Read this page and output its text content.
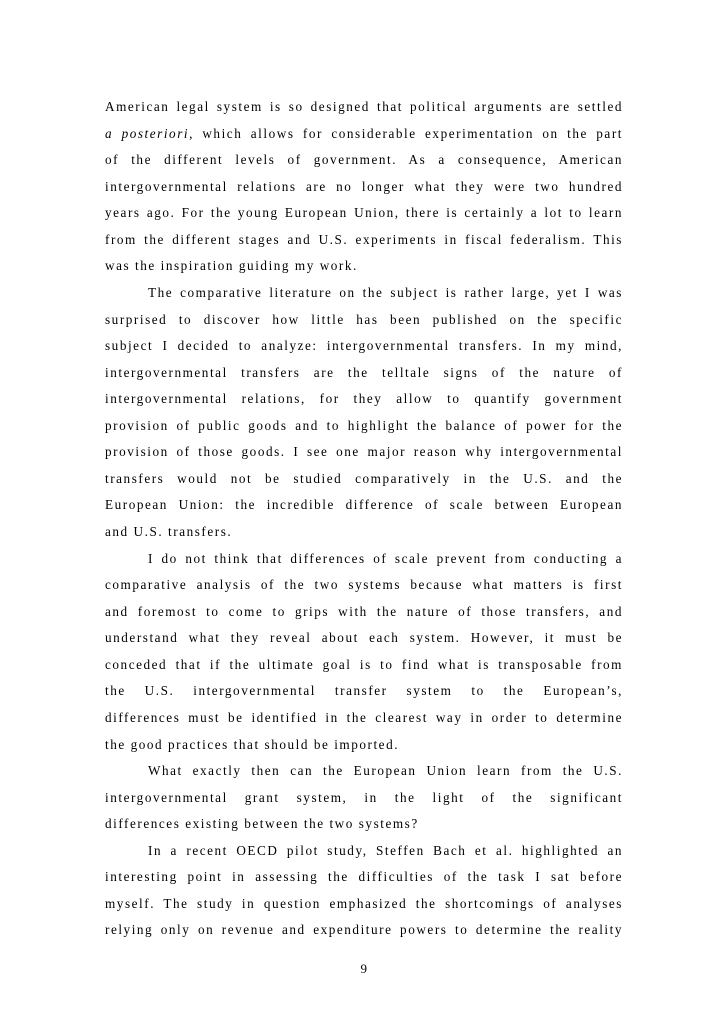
American legal system is so designed that political arguments are settled
a posteriori, which allows for considerable experimentation on the part
of the different levels of government. As a consequence, American
intergovernmental relations are no longer what they were two hundred
years ago. For the young European Union, there is certainly a lot to learn
from the different stages and U.S. experiments in fiscal federalism. This
was the inspiration guiding my work.
The comparative literature on the subject is rather large, yet I was
surprised to discover how little has been published on the specific
subject I decided to analyze: intergovernmental transfers. In my mind,
intergovernmental transfers are the telltale signs of the nature of
intergovernmental relations, for they allow to quantify government
provision of public goods and to highlight the balance of power for the
provision of those goods. I see one major reason why intergovernmental
transfers would not be studied comparatively in the U.S. and the
European Union: the incredible difference of scale between European
and U.S. transfers.
I do not think that differences of scale prevent from conducting a
comparative analysis of the two systems because what matters is first
and foremost to come to grips with the nature of those transfers, and
understand what they reveal about each system. However, it must be
conceded that if the ultimate goal is to find what is transposable from
the U.S. intergovernmental transfer system to the European’s,
differences must be identified in the clearest way in order to determine
the good practices that should be imported.
What exactly then can the European Union learn from the U.S.
intergovernmental grant system, in the light of the significant
differences existing between the two systems?
In a recent OECD pilot study, Steffen Bach et al. highlighted an
interesting point in assessing the difficulties of the task I sat before
myself. The study in question emphasized the shortcomings of analyses
relying only on revenue and expenditure powers to determine the reality
9
